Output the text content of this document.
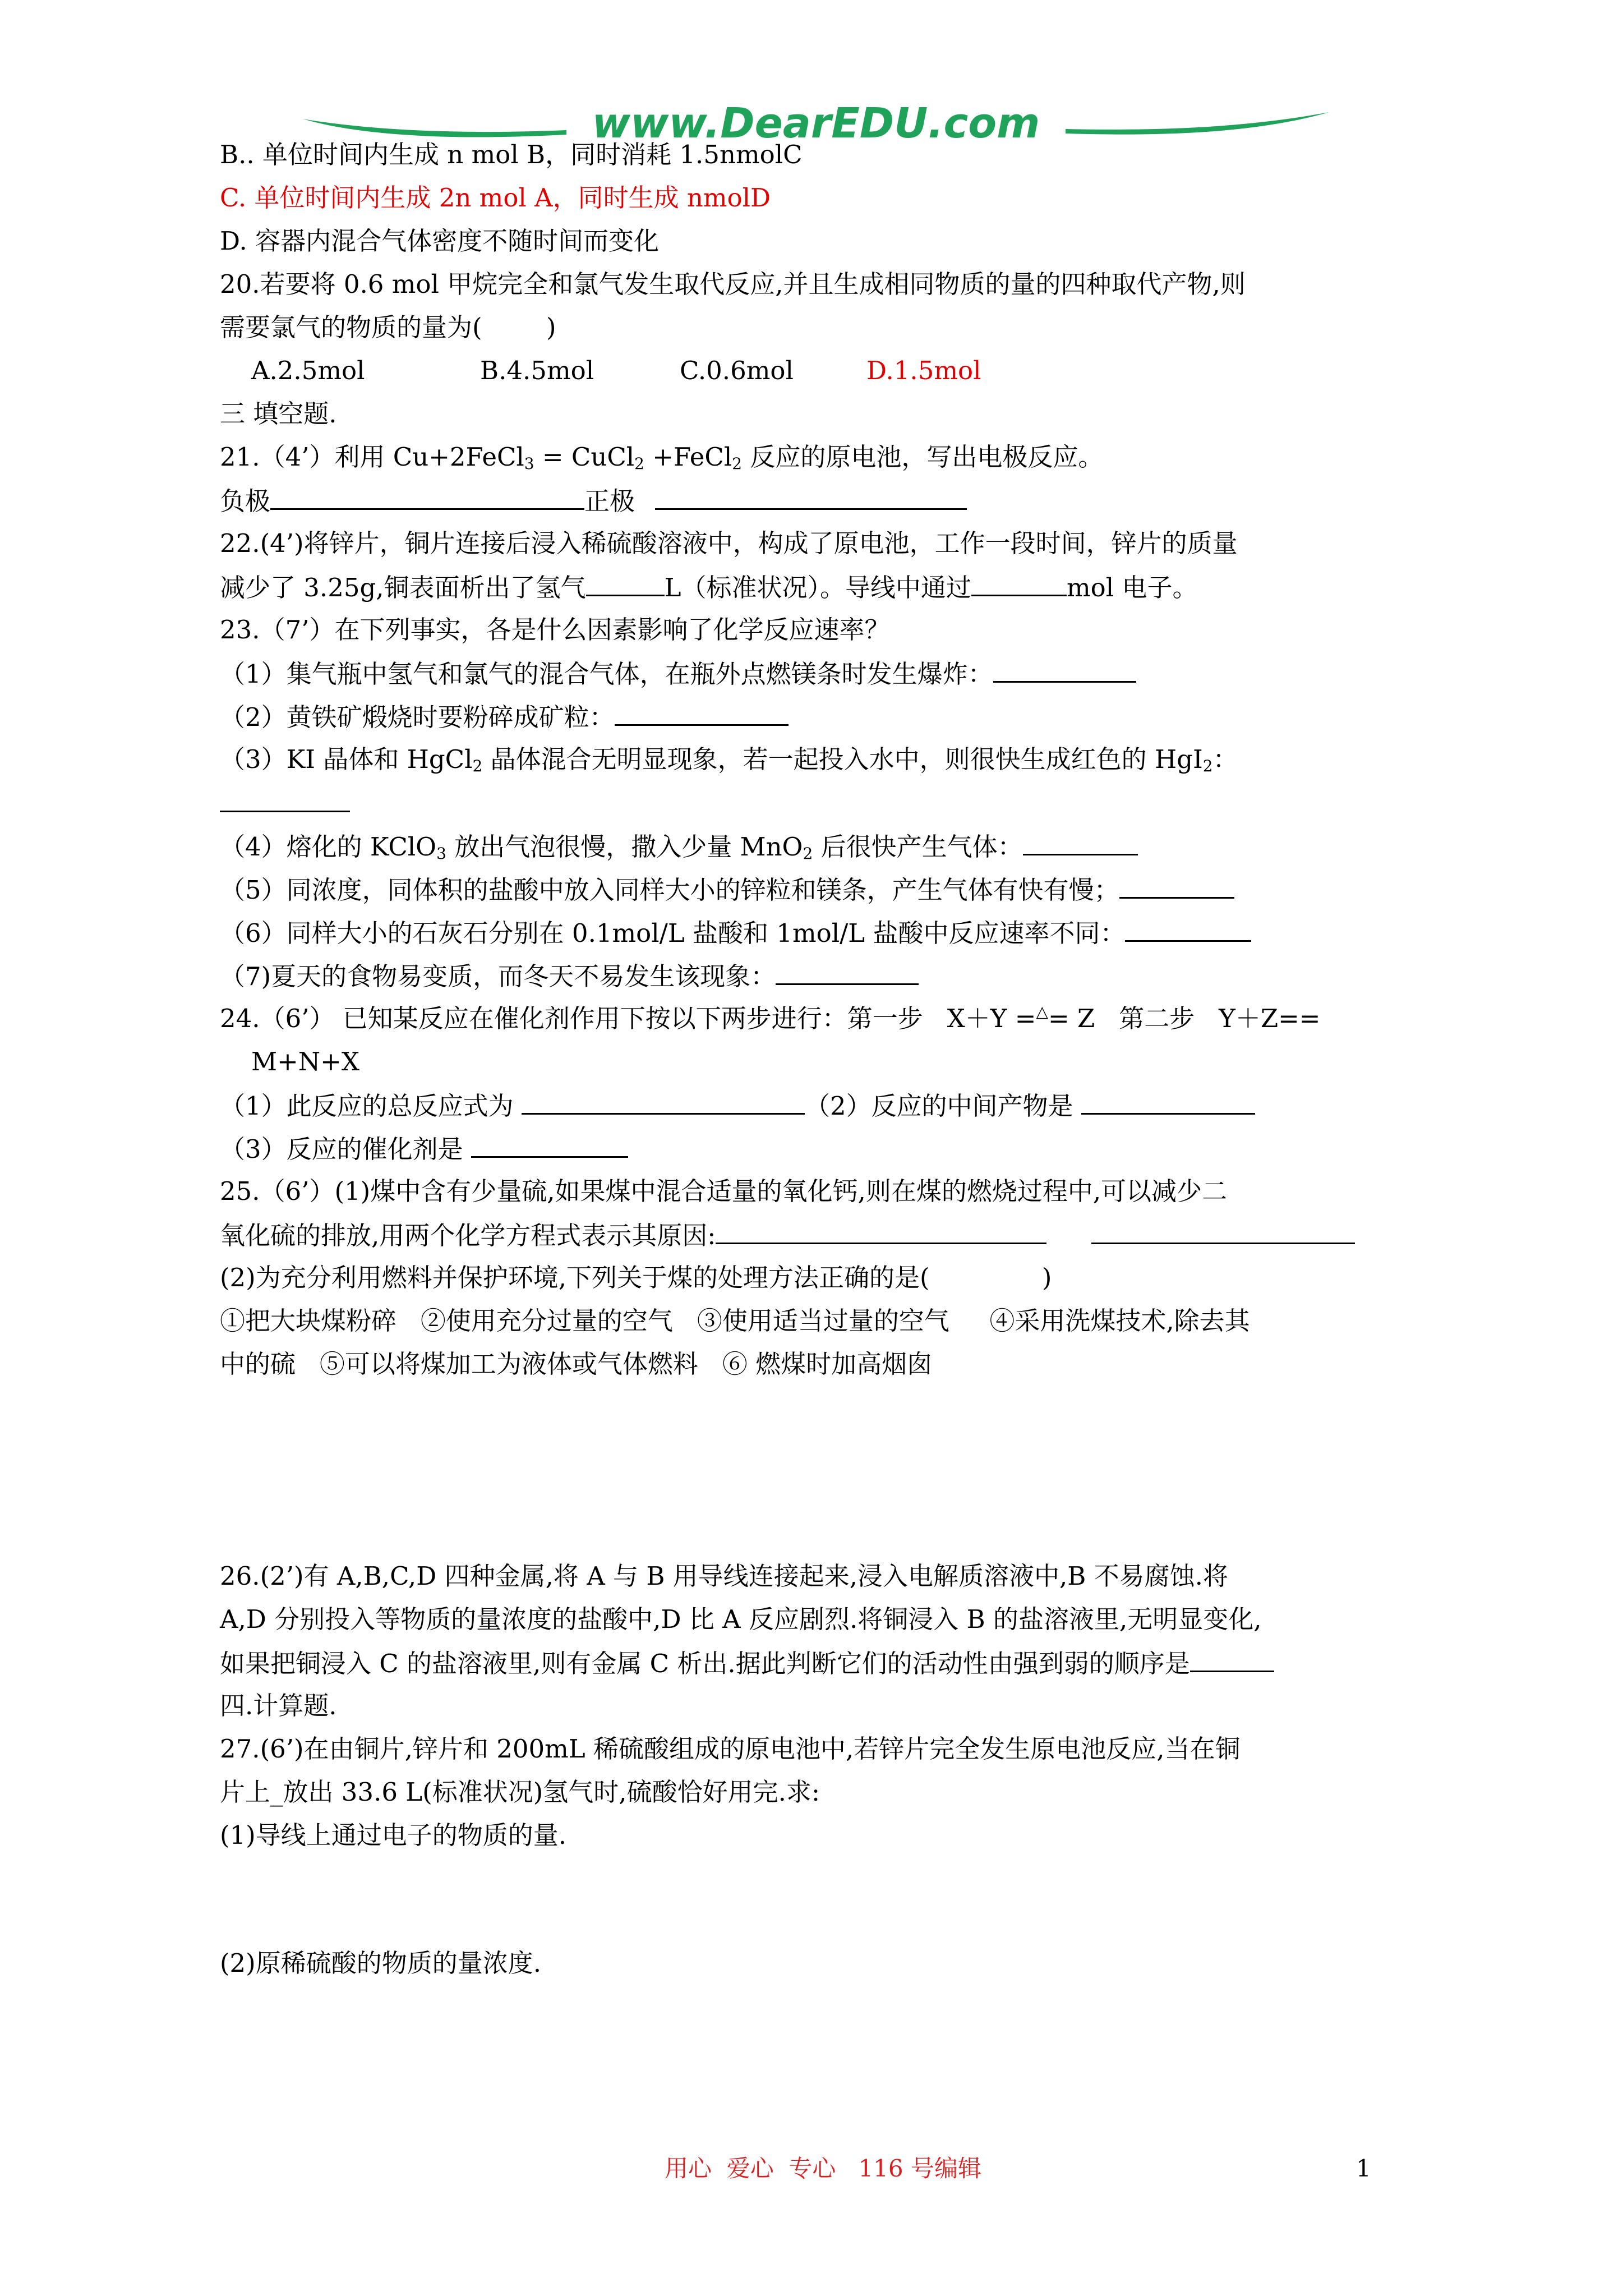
www.DearEDU.com
B.. 单位时间内生成 n mol B，同时消耗 1.5nmolC
C. 单位时间内生成 2n mol A，同时生成 nmolD
D. 容器内混合气体密度不随时间而变化
20.若要将 0.6 mol 甲烷完全和氯气发生取代反应,并且生成相同物质的量的四种取代产物,则
需要氯气的物质的量为(        )
A.2.5mol	B.4.5mol	C.0.6mol	D.1.5mol
三 填空题.
21.（4’）利用 Cu+2FeCl$_3$ = CuCl$_2$ +FeCl$_2$ 反应的原电池，写出电极反应。
负极	正极
22.(4’)将锌片，铜片连接后浸入稀硫酸溶液中，构成了原电池，工作一段时间，锌片的质量
减少了 3.25g,铜表面析出了氢气	L（标准状况）。导线中通过	mol 电子。
23.（7’）在下列事实，各是什么因素影响了化学反应速率？
（1）集气瓶中氢气和氯气的混合气体，在瓶外点燃镁条时发生爆炸：
（2）黄铁矿煅烧时要粉碎成矿粒：
（3）KI 晶体和 HgCl$_2$ 晶体混合无明显现象，若一起投入水中，则很快生成红色的 HgI$_2$：
（4）熔化的 KClO$_3$ 放出气泡很慢，撒入少量 MnO$_2$ 后很快产生气体：
（5）同浓度，同体积的盐酸中放入同样大小的锌粒和镁条，产生气体有快有慢；
（6）同样大小的石灰石分别在 0.1mol/L 盐酸和 1mol/L 盐酸中反应速率不同：
（7)夏天的食物易变质，而冬天不易发生该现象：
24.（6’） 已知某反应在催化剂作用下按以下两步进行：第一步   X＋Y =△= Z   第二步   Y＋Z==
M+N+X
（1）此反应的总反应式为	（2）反应的中间产物是
（3）反应的催化剂是
25.（6’）(1)煤中含有少量硫,如果煤中混合适量的氧化钙,则在煤的燃烧过程中,可以减少二
氧化硫的排放,用两个化学方程式表示其原因:
(2)为充分利用燃料并保护环境,下列关于煤的处理方法正确的是(              )
①把大块煤粉碎   ②使用充分过量的空气   ③使用适当过量的空气     ④采用洗煤技术,除去其
中的硫   ⑤可以将煤加工为液体或气体燃料   ⑥ 燃煤时加高烟囱
26.(2’)有 A,B,C,D 四种金属,将 A 与 B 用导线连接起来,浸入电解质溶液中,B 不易腐蚀.将
A,D 分别投入等物质的量浓度的盐酸中,D 比 A 反应剧烈.将铜浸入 B 的盐溶液里,无明显变化,
如果把铜浸入 C 的盐溶液里,则有金属 C 析出.据此判断它们的活动性由强到弱的顺序是
四.计算题.
27.(6’)在由铜片,锌片和 200mL 稀硫酸组成的原电池中,若锌片完全发生原电池反应,当在铜
片上_放出 33.6 L(标准状况)氢气时,硫酸恰好用完.求:
(1)导线上通过电子的物质的量.
(2)原稀硫酸的物质的量浓度.
用心  爱心  专心   116 号编辑	1
